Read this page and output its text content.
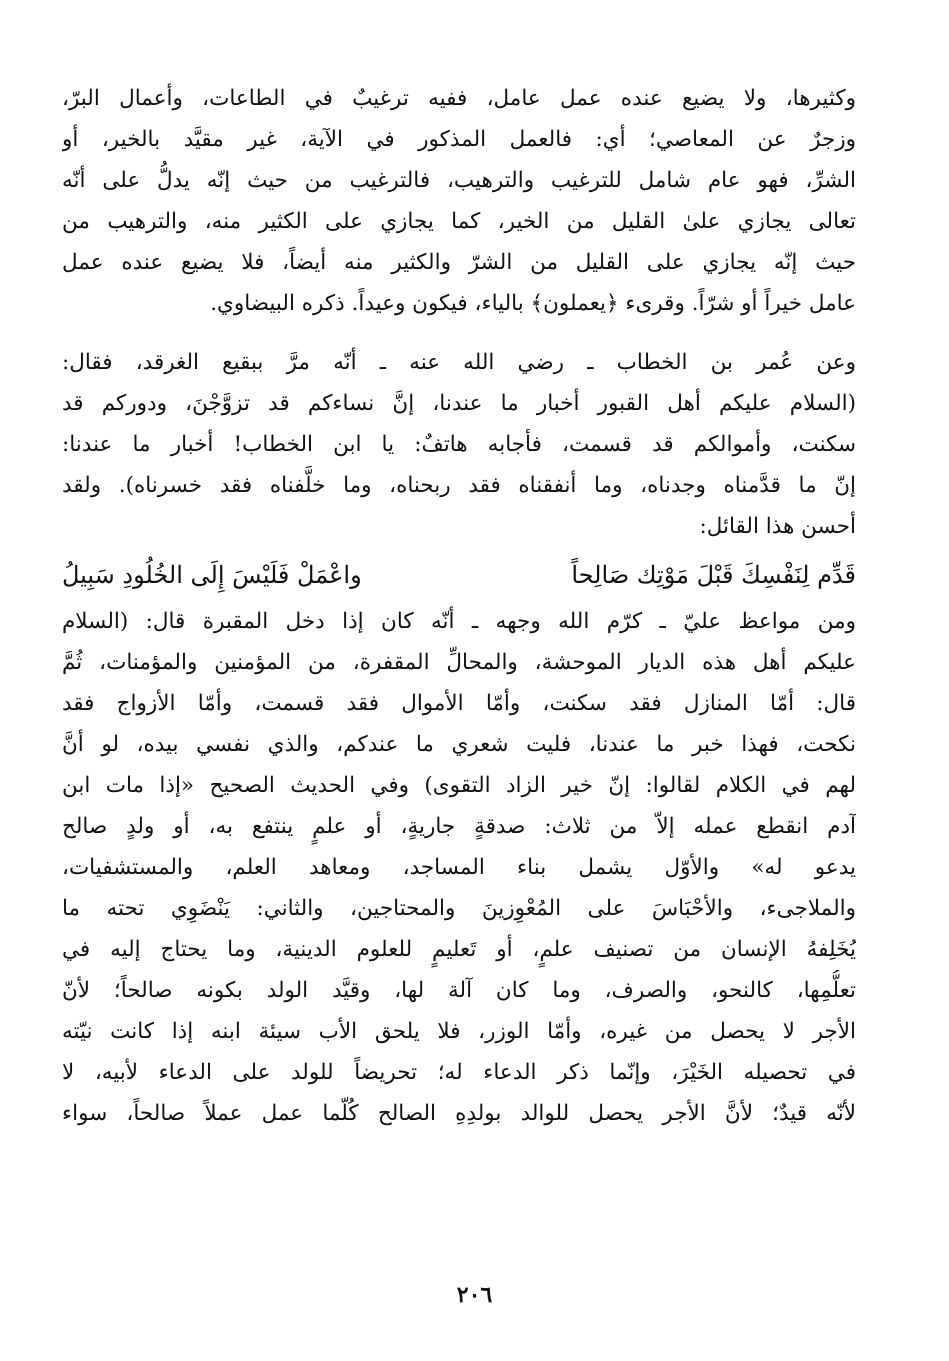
وكثيرها، ولا يضيع عنده عمل عامل، ففيه ترغيبٌ في الطاعات، وأعمال البرّ،
وزجرٌ عن المعاصي؛ أي: فالعمل المذكور في الآية، غير مقيَّد بالخير، أو
الشرِّ، فهو عام شامل للترغيب والترهيب، فالترغيب من حيث إنّه يدلُّ على أنّه
تعالى يجازي علىٰ القليل من الخير، كما يجازي على الكثير منه، والترهيب من
حيث إنّه يجازي على القليل من الشرّ والكثير منه أيضاً، فلا يضيع عنده عمل
عامل خيراً أو شرّاً. وقرىء ﴿يعملون﴾ بالياء، فيكون وعيداً. ذكره البيضاوي.

وعن عُمر بن الخطاب ـ رضي الله عنه ـ أنّه مرَّ ببقيع الغرقد، فقال:
(السلام عليكم أهل القبور أخبار ما عندنا، إنَّ نساءكم قد تزوَّجْنَ، ودوركم قد
سكنت، وأموالكم قد قسمت، فأجابه هاتفٌ: يا ابن الخطاب! أخبار ما عندنا:
إنّ ما قدَّمناه وجدناه، وما أنفقناه فقد ربحناه، وما خلَّفناه فقد خسرناه). ولقد
أحسن هذا القائل:

قَدِّم لِنَفْسِكَ قَبْلَ مَوْتِك صَالِحاً
واعْمَلْ فَلَيْسَ إِلَى الخُلُودِ سَبِيلُ

ومن مواعظ عليّ ـ كرّم الله وجهه ـ أنّه كان إذا دخل المقبرة قال: (السلام
عليكم أهل هذه الديار الموحشة، والمحالِّ المقفرة، من المؤمنين والمؤمنات، ثُمَّ
قال: أمّا المنازل فقد سكنت، وأمّا الأموال فقد قسمت، وأمّا الأزواج فقد
نكحت، فهذا خبر ما عندنا، فليت شعري ما عندكم، والذي نفسي بيده، لو أنَّ
لهم في الكلام لقالوا: إنّ خير الزاد التقوى) وفي الحديث الصحيح «إذا مات ابن
آدم انقطع عمله إلاّ من ثلاث: صدقةٍ جاريةٍ، أو علمٍ ينتفع به، أو ولدٍ صالح
يدعو له» والأوّل يشمل بناء المساجد، ومعاهد العلم، والمستشفيات،
والملاجىء، والأحْبَاسَ على المُعْوِزينَ والمحتاجين، والثاني: يَنْضَوِي تحته ما
يُخَلِفهُ الإنسان من تصنيف علمٍ، أو تَعليمٍ للعلوم الدينية، وما يحتاج إليه في
تعلُّمِها، كالنحو، والصرف، وما كان آلة لها، وقيَّد الولد بكونه صالحاً؛ لأنّ
الأجر لا يحصل من غيره، وأمّا الوزر، فلا يلحق الأب سيئة ابنه إذا كانت نيّته
في تحصيله الخَيْرَ، وإنّما ذكر الدعاء له؛ تحريضاً للولد على الدعاء لأبيه، لا
لأنّه قيدٌ؛ لأنَّ الأجر يحصل للوالد بولدِهِ الصالح كُلّما عمل عملاً صالحاً، سواء

٢٠٦
